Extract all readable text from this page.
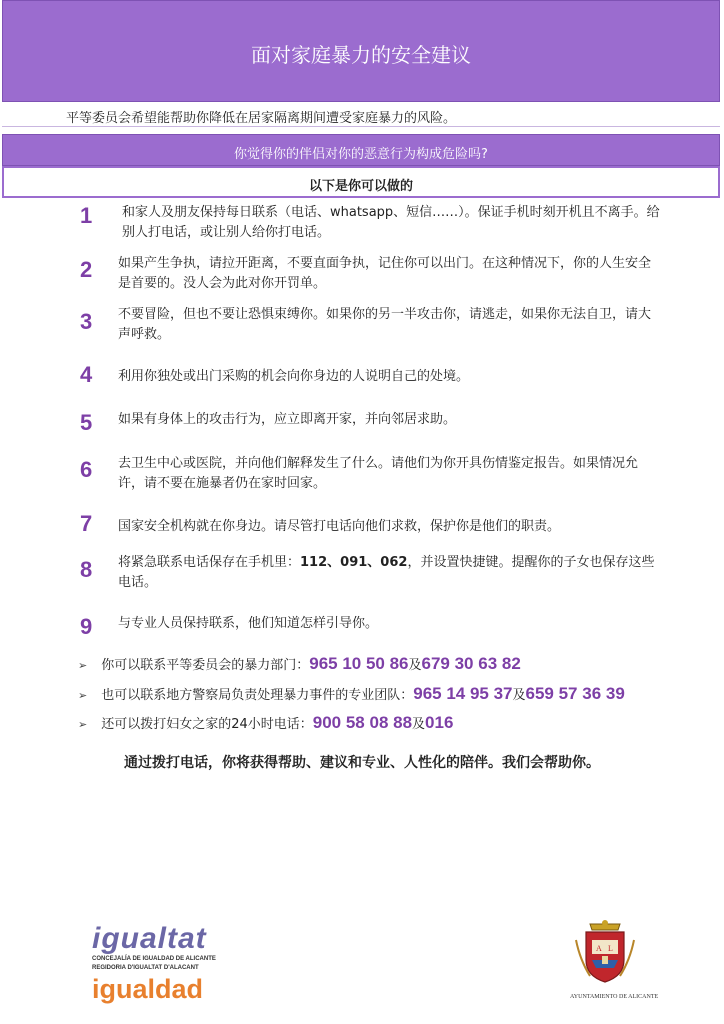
面对家庭暴力的安全建议
平等委员会希望能帮助你降低在居家隔离期间遭受家庭暴力的风险。
你觉得你的伴侣对你的恶意行为构成危险吗?
以下是你可以做的
1	和家人及朋友保持每日联系（电话、whatsapp、短信……）。保证手机时刻开机且不离手。给别人打电话，或让别人给你打电话。
2	如果产生争执，请拉开距离，不要直面争执，记住你可以出门。在这种情况下，你的人生安全是首要的。没人会为此对你开罚单。
3	不要冒险，但也不要让恐惧束缚你。如果你的另一半攻击你，请逃走，如果你无法自卫，请大声呼救。
4	利用你独处或出门采购的机会向你身边的人说明自己的处境。
5	如果有身体上的攻击行为，应立即离开家，并向邻居求助。
6	去卫生中心或医院，并向他们解释发生了什么。请他们为你开具伤情鉴定报告。如果情况允许，请不要在施暴者仍在家时回家。
7	国家安全机构就在你身边。请尽管打电话向他们求救，保护你是他们的职责。
8	将紧急联系电话保存在手机里：112、091、062，并设置快捷键。提醒你的子女也保存这些电话。
9	与专业人员保持联系，他们知道怎样引导你。
➢ 你可以联系平等委员会的暴力部门：965 10 50 86及679 30 63 82
➢ 也可以联系地方警察局负责处理暴力事件的专业团队：965 14 95 37及659 57 36 39
➢ 还可以拨打妇女之家的24小时电话：900 58 08 88及016
通过拨打电话，你将获得帮助、建议和专业、人性化的陪伴。我们会帮助你。
igualtat
CONCEJALÍA DE IGUALDAD DE ALICANTE
REGIDORIA D'IGUALTAT D'ALACANT
igualdad
A L
AYUNTAMIENTO DE ALICANTE
